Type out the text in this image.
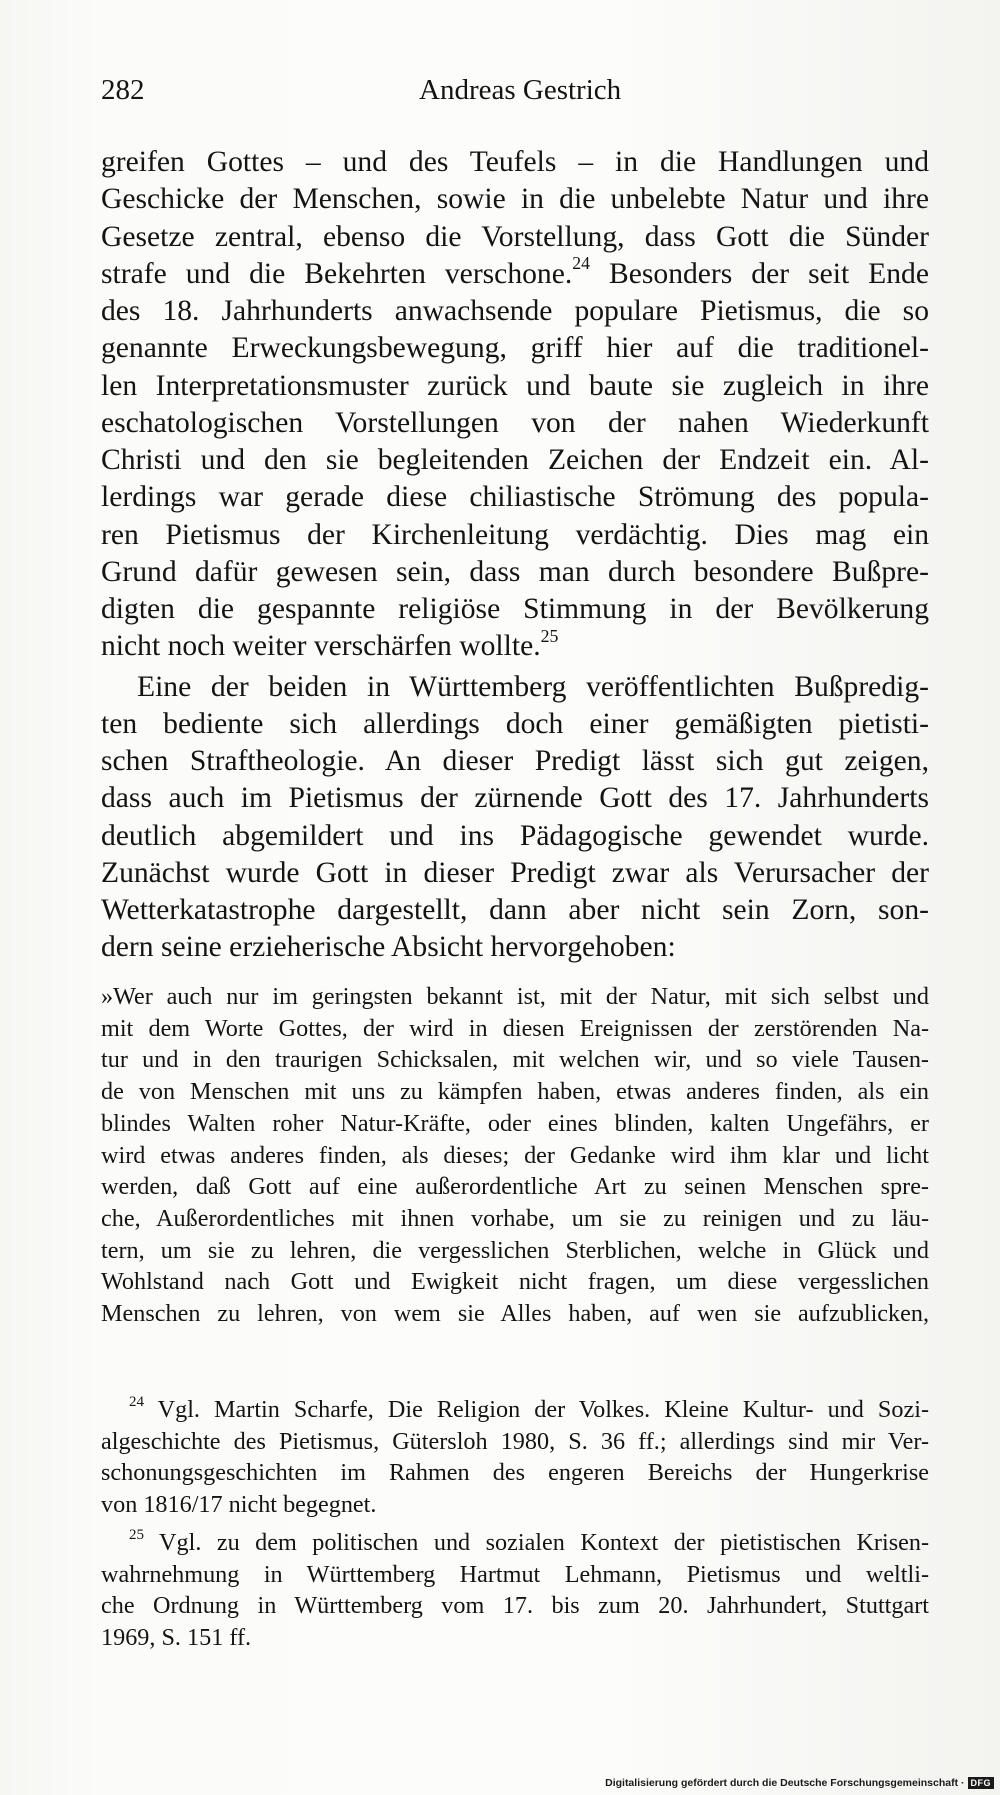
282	Andreas Gestrich

greifen Gottes – und des Teufels – in die Handlungen und
Geschicke der Menschen, sowie in die unbelebte Natur und ihre
Gesetze zentral, ebenso die Vorstellung, dass Gott die Sünder
strafe und die Bekehrten verschone.$^{24}$ Besonders der seit Ende
des 18. Jahrhunderts anwachsende populare Pietismus, die so
genannte Erweckungsbewegung, griff hier auf die traditionel-
len Interpretationsmuster zurück und baute sie zugleich in ihre
eschatologischen Vorstellungen von der nahen Wiederkunft
Christi und den sie begleitenden Zeichen der Endzeit ein. Al-
lerdings war gerade diese chiliastische Strömung des popula-
ren Pietismus der Kirchenleitung verdächtig. Dies mag ein
Grund dafür gewesen sein, dass man durch besondere Bußpre-
digten die gespannte religiöse Stimmung in der Bevölkerung
nicht noch weiter verschärfen wollte.$^{25}$

Eine der beiden in Württemberg veröffentlichten Bußpredig-
ten bediente sich allerdings doch einer gemäßigten pietisti-
schen Straftheologie. An dieser Predigt lässt sich gut zeigen,
dass auch im Pietismus der zürnende Gott des 17. Jahrhunderts
deutlich abgemildert und ins Pädagogische gewendet wurde.
Zunächst wurde Gott in dieser Predigt zwar als Verursacher der
Wetterkatastrophe dargestellt, dann aber nicht sein Zorn, son-
dern seine erzieherische Absicht hervorgehoben:

»Wer auch nur im geringsten bekannt ist, mit der Natur, mit sich selbst und
mit dem Worte Gottes, der wird in diesen Ereignissen der zerstörenden Na-
tur und in den traurigen Schicksalen, mit welchen wir, und so viele Tausen-
de von Menschen mit uns zu kämpfen haben, etwas anderes finden, als ein
blindes Walten roher Natur-Kräfte, oder eines blinden, kalten Ungefährs, er
wird etwas anderes finden, als dieses; der Gedanke wird ihm klar und licht
werden, daß Gott auf eine außerordentliche Art zu seinen Menschen spre-
che, Außerordentliches mit ihnen vorhabe, um sie zu reinigen und zu läu-
tern, um sie zu lehren, die vergesslichen Sterblichen, welche in Glück und
Wohlstand nach Gott und Ewigkeit nicht fragen, um diese vergesslichen
Menschen zu lehren, von wem sie Alles haben, auf wen sie aufzublicken,

$^{24}$ Vgl. Martin Scharfe, Die Religion der Volkes. Kleine Kultur- und Sozi-
algeschichte des Pietismus, Gütersloh 1980, S. 36 ff.; allerdings sind mir Ver-
schonungsgeschichten im Rahmen des engeren Bereichs der Hungerkrise
von 1816/17 nicht begegnet.

$^{25}$ Vgl. zu dem politischen und sozialen Kontext der pietistischen Krisen-
wahrnehmung in Württemberg Hartmut Lehmann, Pietismus und weltli-
che Ordnung in Württemberg vom 17. bis zum 20. Jahrhundert, Stuttgart
1969, S. 151 ff.

Digitalisierung gefördert durch die Deutsche Forschungsgemeinschaft · DFG
